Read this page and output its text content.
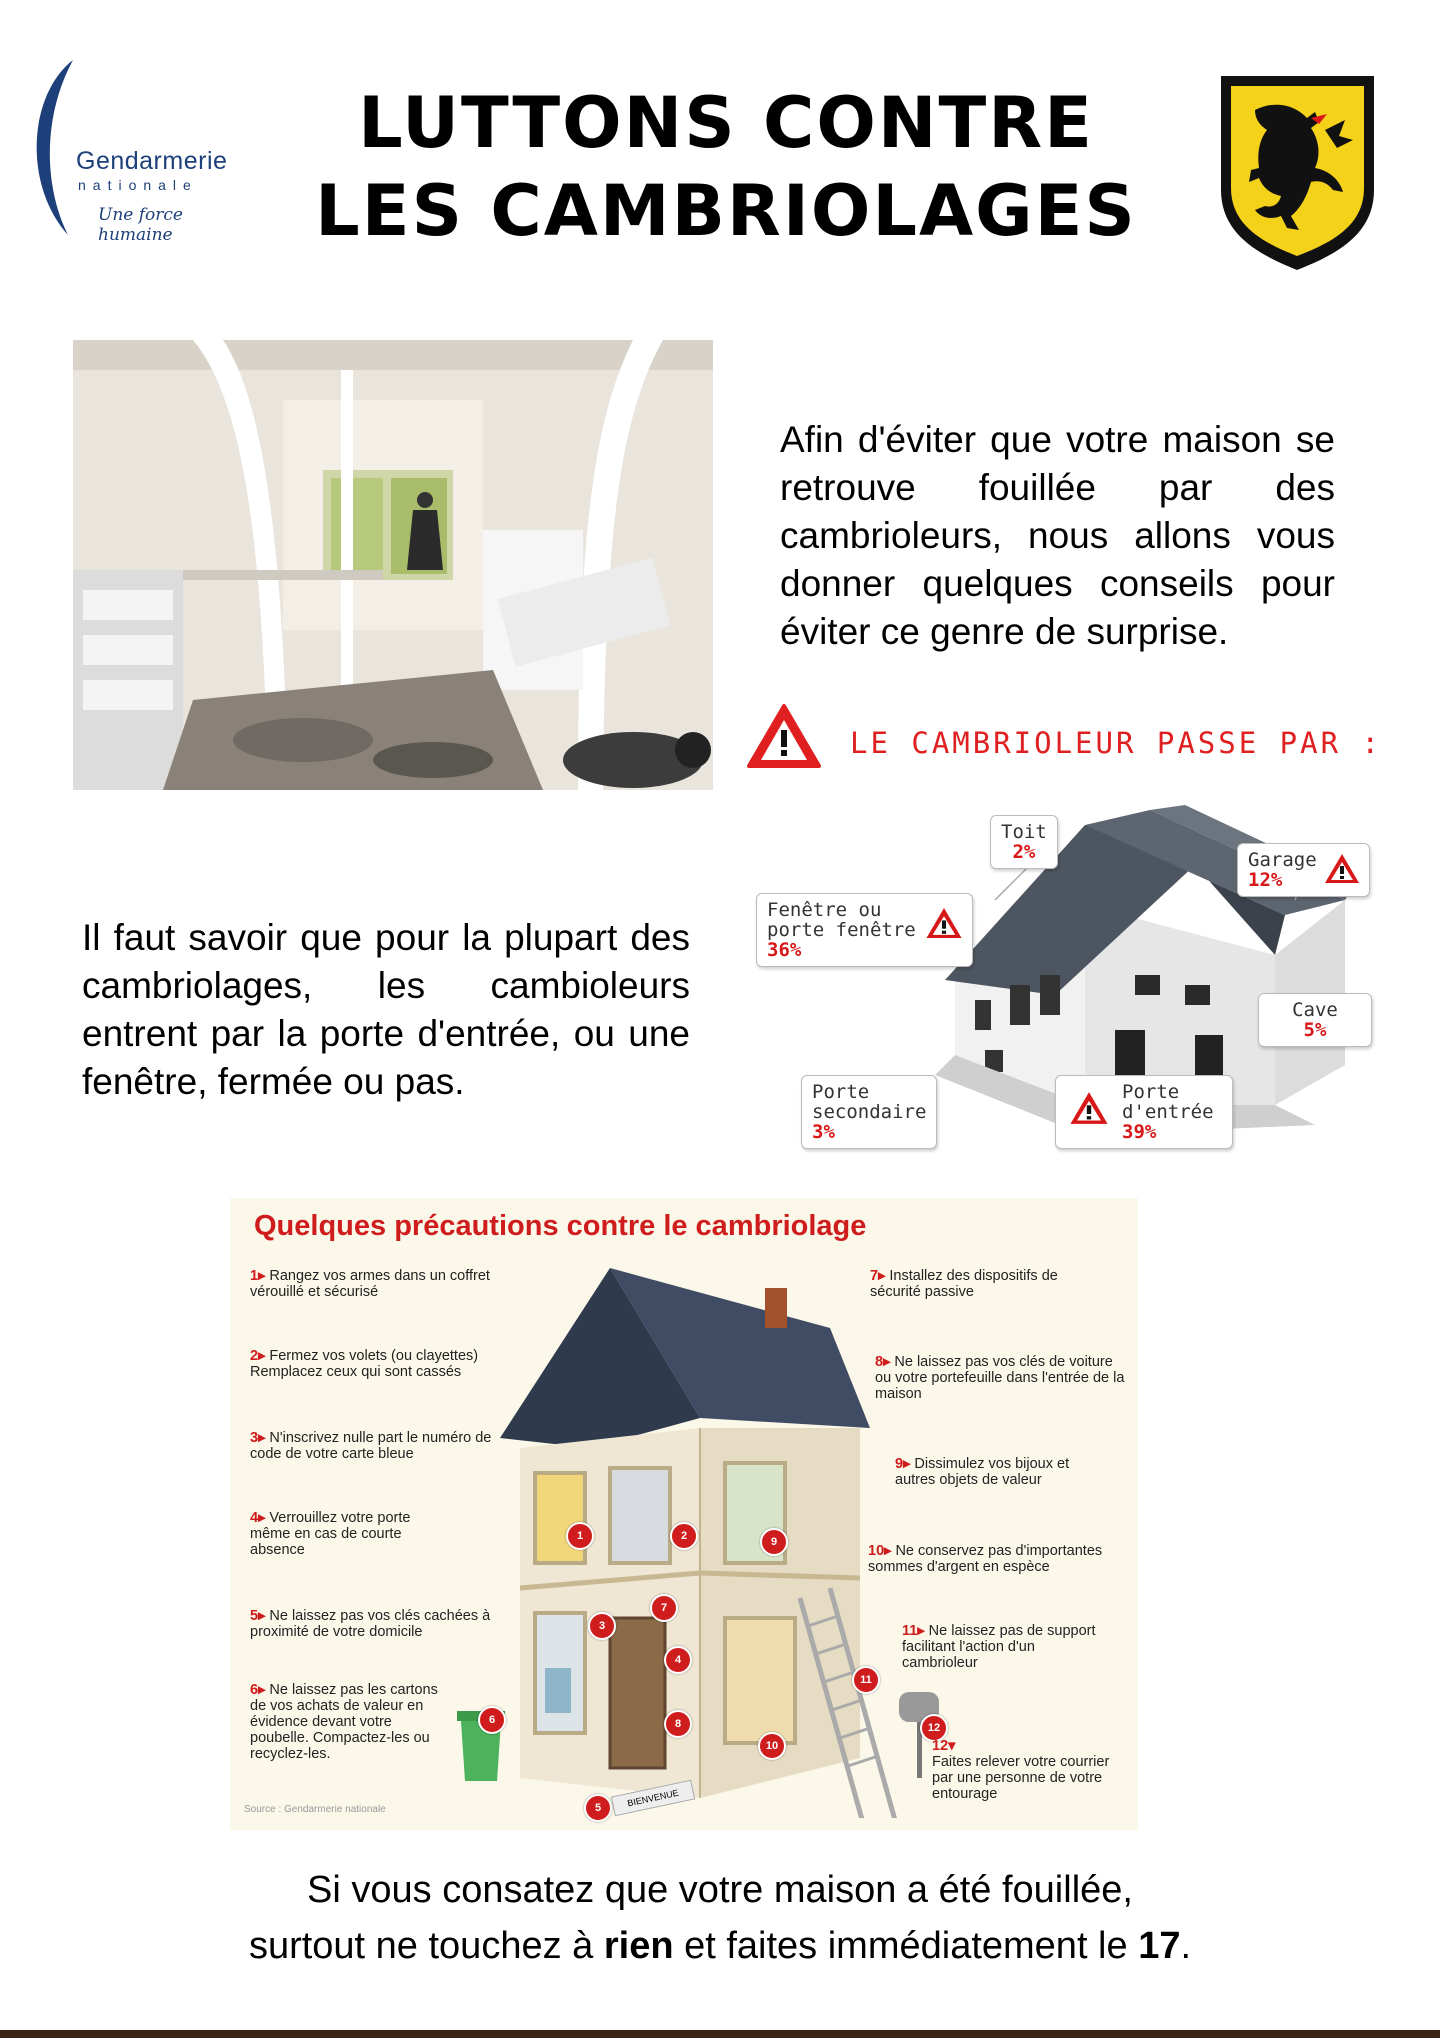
Gendarmerie
nationale
Une force humaine
LUTTONS CONTRE
LES CAMBRIOLAGES
Afin d'éviter que votre maison se retrouve fouillée par des cambrioleurs, nous allons vous donner quelques conseils pour éviter ce genre de surprise.
LE CAMBRIOLEUR PASSE PAR :
Il faut savoir que pour la plupart des cambriolages, les cambioleurs entrent par la porte d'entrée, ou une fenêtre, fermée ou pas.
Toit
2%	Garage
12%
Fenêtre ou
porte fenêtre
36%
Cave
5%
Porte
secondaire
3%
Porte
d'entrée
39%
Quelques précautions contre le cambriolage
BIENVENUE
1	2
3
4
5
6
7
8
9
10
11
12
1▸ Rangez vos armes dans un coffret vérouillé et sécurisé
2▸ Fermez vos volets (ou clayettes) Remplacez ceux qui sont cassés
3▸ N'inscrivez nulle part le numéro de code de votre carte bleue
4▸ Verrouillez votre porte même en cas de courte absence
5▸ Ne laissez pas vos clés cachées à proximité de votre domicile
6▸ Ne laissez pas les cartons de vos achats de valeur en évidence devant votre poubelle. Compactez-les ou recyclez-les.
7▸ Installez des dispositifs de sécurité passive
8▸ Ne laissez pas vos clés de voiture ou votre portefeuille dans l'entrée de la maison
9▸ Dissimulez vos bijoux et autres objets de valeur
10▸ Ne conservez pas d'importantes sommes d'argent en espèce
11▸ Ne laissez pas de support facilitant l'action d'un cambrioleur
12▾
Faites relever votre courrier par une personne de votre entourage
Source : Gendarmerie nationale
Si vous consatez que votre maison a été fouillée,
surtout ne touchez à rien et faites immédiatement le 17.
